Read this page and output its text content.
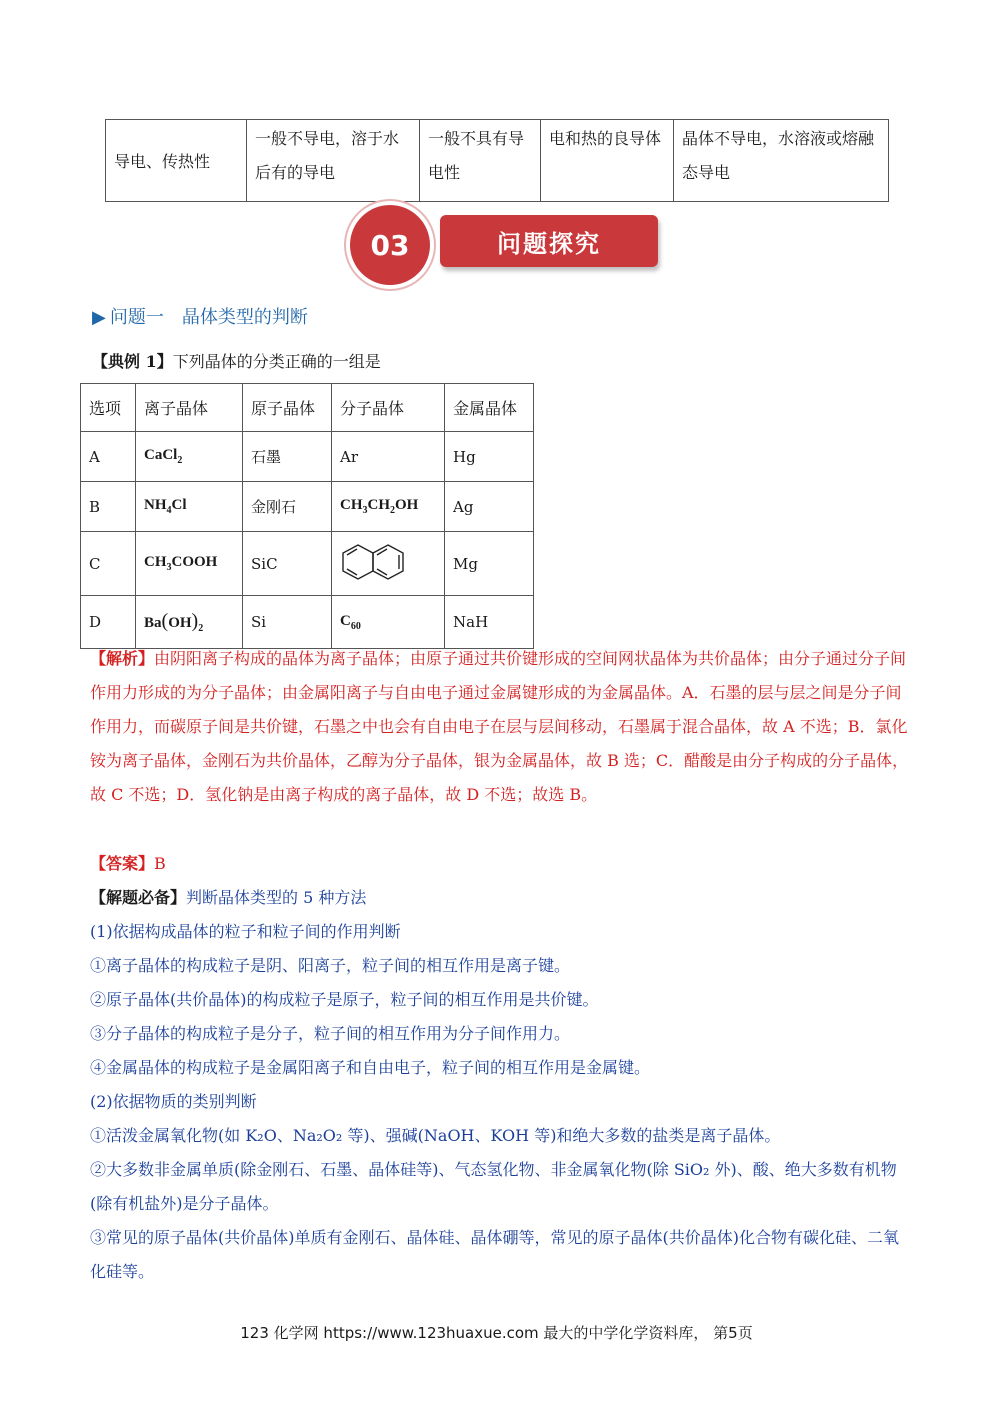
导电、传热性	一般不导电，溶于水后有的导电	一般不具有导电性	电和热的良导体	晶体不导电，水溶液或熔融态导电
03	问题探究
▶ 问题一　晶体类型的判断
【典例 1】下列晶体的分类正确的一组是
选项	离子晶体	原子晶体	分子晶体	金属晶体
A	CaCl$_2$	石墨	Ar	Hg
B	$NH_4Cl$	金刚石	$CH_3CH_2OH$	Ag
C	$CH_3COOH$	SiC		Mg
D	$Ba(OH)_2$	Si	$C_{60}$	NaH
【解析】由阴阳离子构成的晶体为离子晶体；由原子通过共价键形成的空间网状晶体为共价晶体；由分子通过分子间作用力形成的为分子晶体；由金属阳离子与自由电子通过金属键形成的为金属晶体。A．石墨的层与层之间是分子间作用力，而碳原子间是共价键，石墨之中也会有自由电子在层与层间移动，石墨属于混合晶体，故 A 不选；B．氯化铵为离子晶体，金刚石为共价晶体，乙醇为分子晶体，银为金属晶体，故 B 选；C．醋酸是由分子构成的分子晶体，故 C 不选；D．氢化钠是由离子构成的离子晶体，故 D 不选；故选 B。
【答案】B
【解题必备】判断晶体类型的 5 种方法
(1)依据构成晶体的粒子和粒子间的作用判断
①离子晶体的构成粒子是阴、阳离子，粒子间的相互作用是离子键。
②原子晶体(共价晶体)的构成粒子是原子，粒子间的相互作用是共价键。
③分子晶体的构成粒子是分子，粒子间的相互作用为分子间作用力。
④金属晶体的构成粒子是金属阳离子和自由电子，粒子间的相互作用是金属键。
(2)依据物质的类别判断
①活泼金属氧化物(如 K₂O、Na₂O₂ 等)、强碱(NaOH、KOH 等)和绝大多数的盐类是离子晶体。
②大多数非金属单质(除金刚石、石墨、晶体硅等)、气态氢化物、非金属氧化物(除 SiO₂ 外)、酸、绝大多数有机物(除有机盐外)是分子晶体。
③常见的原子晶体(共价晶体)单质有金刚石、晶体硅、晶体硼等，常见的原子晶体(共价晶体)化合物有碳化硅、二氧化硅等。
123 化学网 https://www.123huaxue.com 最大的中学化学资料库， 第5页
